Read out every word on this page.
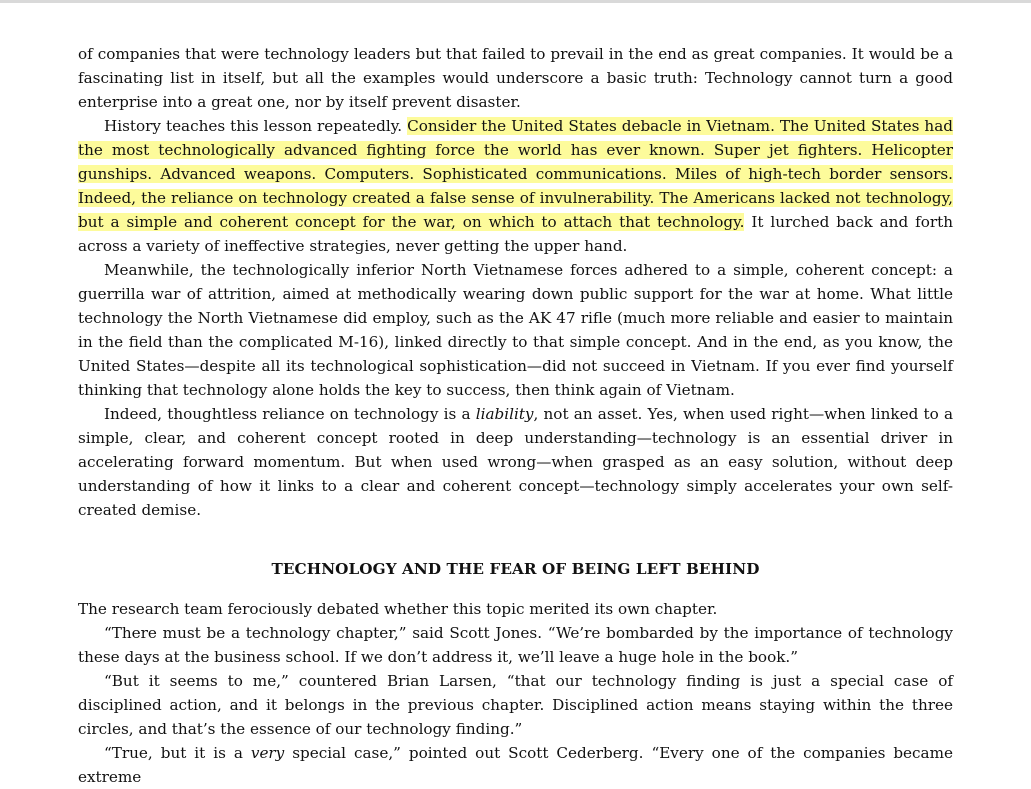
of companies that were technology leaders but that failed to prevail in the end as great companies. It would be a fascinating list in itself, but all the examples would underscore a basic truth: Technology cannot turn a good enterprise into a great one, nor by itself prevent disaster.

History teaches this lesson repeatedly. Consider the United States debacle in Vietnam. The United States had the most technologically advanced fighting force the world has ever known. Super jet fighters. Helicopter gunships. Advanced weapons. Computers. Sophisticated communications. Miles of high-tech border sensors. Indeed, the reliance on technology created a false sense of invulnerability. The Americans lacked not technology, but a simple and coherent concept for the war, on which to attach that technology. It lurched back and forth across a variety of ineffective strategies, never getting the upper hand.

Meanwhile, the technologically inferior North Vietnamese forces adhered to a simple, coherent concept: a guerrilla war of attrition, aimed at methodically wearing down public support for the war at home. What little technology the North Vietnamese did employ, such as the AK 47 rifle (much more reliable and easier to maintain in the field than the complicated M-16), linked directly to that simple concept. And in the end, as you know, the United States—despite all its technological sophistication—did not succeed in Vietnam. If you ever find yourself thinking that technology alone holds the key to success, then think again of Vietnam.

Indeed, thoughtless reliance on technology is a liability, not an asset. Yes, when used right—when linked to a simple, clear, and coherent concept rooted in deep understanding—technology is an essential driver in accelerating forward momentum. But when used wrong—when grasped as an easy solution, without deep understanding of how it links to a clear and coherent concept—technology simply accelerates your own self-created demise.

TECHNOLOGY AND THE FEAR OF BEING LEFT BEHIND

The research team ferociously debated whether this topic merited its own chapter.

“There must be a technology chapter,” said Scott Jones. “We’re bombarded by the importance of technology these days at the business school. If we don’t address it, we’ll leave a huge hole in the book.”

“But it seems to me,” countered Brian Larsen, “that our technology finding is just a special case of disciplined action, and it belongs in the previous chapter. Disciplined action means staying within the three circles, and that’s the essence of our technology finding.”

“True, but it is a very special case,” pointed out Scott Cederberg. “Every one of the companies became extreme
